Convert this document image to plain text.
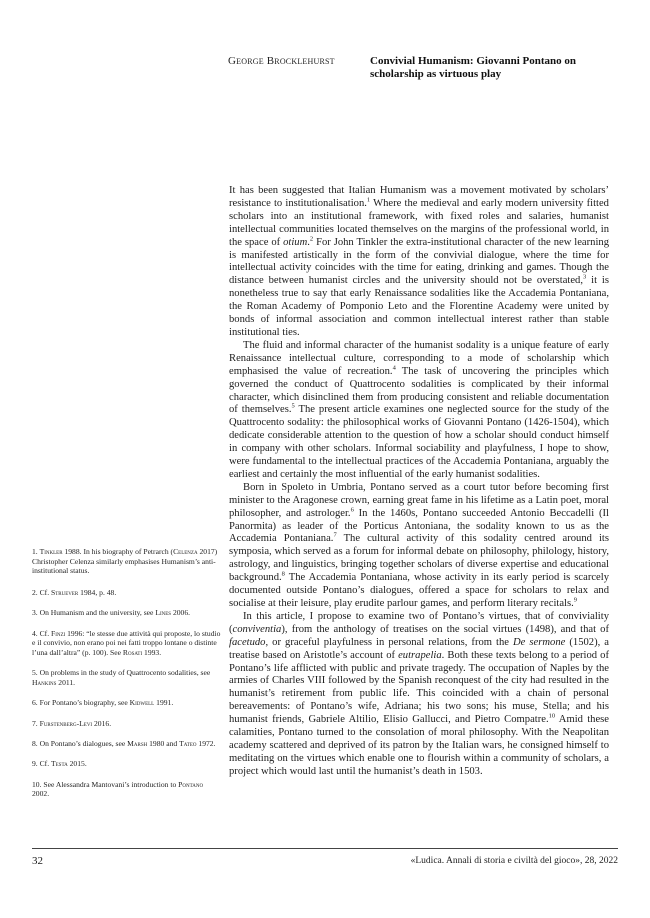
George Brocklehurst	Convivial Humanism: Giovanni Pontano on scholarship as virtuous play

It has been suggested that Italian Humanism was a movement motivated by scholars’ resistance to institutionalisation.$^1$ Where the medieval and early modern university fitted scholars into an institutional framework, with fixed roles and salaries, humanist intellectual communities located themselves on the margins of the professional world, in the space of otium.$^2$ For John Tinkler the extra-institutional character of the new learning is manifested artistically in the form of the convivial dialogue, where the time for intellectual activity coincides with the time for eating, drinking and games. Though the distance between humanist circles and the university should not be overstated,$^3$ it is nonetheless true to say that early Renaissance sodalities like the Accademia Pontaniana, the Roman Academy of Pomponio Leto and the Florentine Academy were united by bonds of informal association and common intellectual interest rather than stable institutional ties.

The fluid and informal character of the humanist sodality is a unique feature of early Renaissance intellectual culture, corresponding to a mode of scholarship which emphasised the value of recreation.$^4$ The task of uncovering the principles which governed the conduct of Quattrocento sodalities is complicated by their informal character, which disinclined them from producing consistent and reliable documentation of themselves.$^5$ The present article examines one neglected source for the study of the Quattrocento sodality: the philosophical works of Giovanni Pontano (1426-1504), which dedicate considerable attention to the question of how a scholar should conduct himself in company with other scholars. Informal sociability and playfulness, I hope to show, were fundamental to the intellectual practices of the Accademia Pontaniana, arguably the earliest and certainly the most influential of the early humanist sodalities.

Born in Spoleto in Umbria, Pontano served as a court tutor before becoming first minister to the Aragonese crown, earning great fame in his lifetime as a Latin poet, moral philosopher, and astrologer.$^6$ In the 1460s, Pontano succeeded Antonio Beccadelli (Il Panormita) as leader of the Porticus Antoniana, the sodality known to us as the Accademia Pontaniana.$^7$ The cultural activity of this sodality centred around its symposia, which served as a forum for informal debate on philosophy, philology, history, astrology, and linguistics, bringing together scholars of diverse expertise and educational background.$^8$ The Accademia Pontaniana, whose activity in its early period is scarcely documented outside Pontano’s dialogues, offered a space for scholars to relax and socialise at their leisure, play erudite parlour games, and perform literary recitals.$^9$

In this article, I propose to examine two of Pontano’s virtues, that of conviviality (conviventia), from the anthology of treatises on the social virtues (1498), and that of facetudo, or graceful playfulness in personal relations, from the De sermone (1502), a treatise based on Aristotle’s account of eutrapelia. Both these texts belong to a period of Pontano’s life afflicted with public and private tragedy. The occupation of Naples by the armies of Charles VIII followed by the Spanish reconquest of the city had resulted in the humanist’s retirement from public life. This coincided with a chain of personal bereavements: of Pontano’s wife, Adriana; his two sons; his muse, Stella; and his humanist friends, Gabriele Altilio, Elisio Gallucci, and Pietro Compatre.$^{10}$ Amid these calamities, Pontano turned to the consolation of moral philosophy. With the Neapolitan academy scattered and deprived of its patron by the Italian wars, he consigned himself to meditating on the virtues which enable one to flourish within a community of scholars, a project which would last until the humanist’s death in 1503.

1. Tinkler 1988. In his biography of Petrarch (Celenza 2017) Christopher Celenza similarly emphasises Humanism’s anti-institutional status.
2. Cf. Struever 1984, p. 48.
3. On Humanism and the university, see Lines 2006.
4. Cf. Finzi 1996: “le stesse due attività qui proposte, lo studio e il convivio, non erano poi nei fatti troppo lontane o distinte l’una dall’altra” (p. 100). See Rosati 1993.
5. On problems in the study of Quattrocento sodalities, see Hankins 2011.
6. For Pontano’s biography, see Kidwell 1991.
7. Furstenberg-Levi 2016.
8. On Pontano’s dialogues, see Marsh 1980 and Tateo 1972.
9. Cf. Testa 2015.
10. See Alessandra Mantovani’s introduction to Pontano 2002.
32	«Ludica. Annali di storia e civiltà del gioco», 28, 2022
